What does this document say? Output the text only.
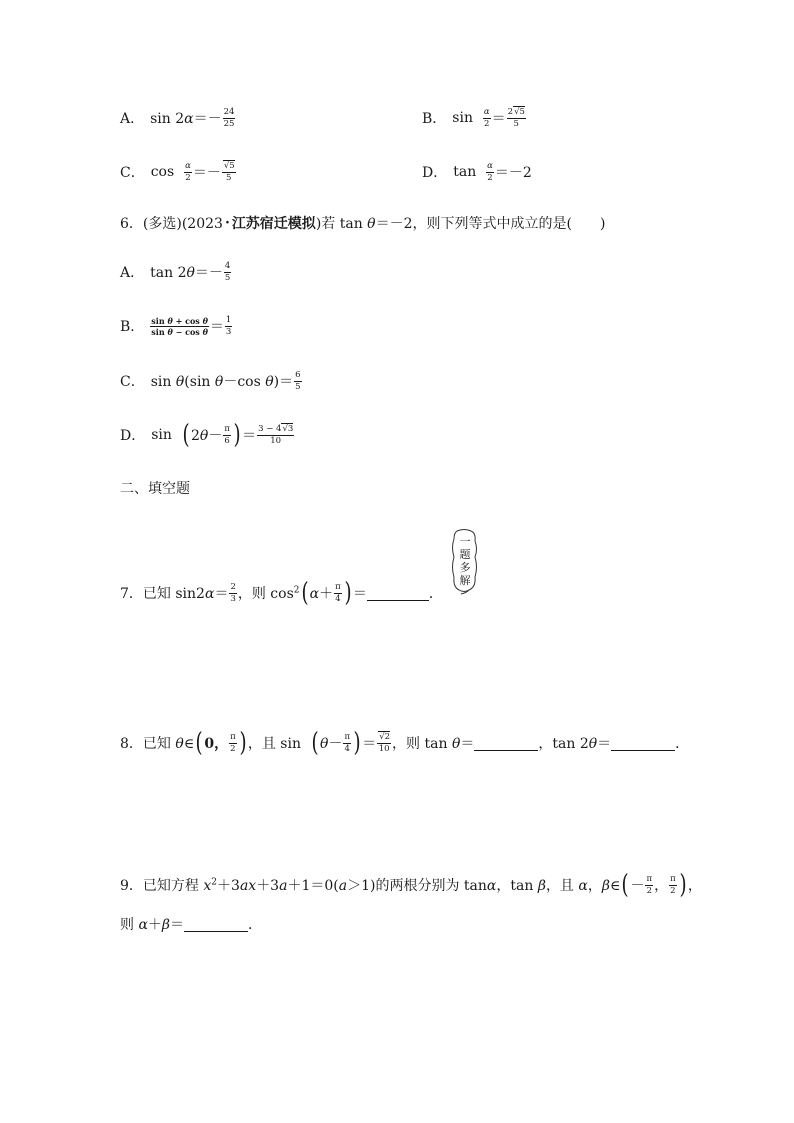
A． $\sin 2\alpha=- \frac{24}{25}$	B． $\sin \frac{\alpha}{2} = \frac{2√5}{5}$
C． $\cos \frac{\alpha}{2} =- \frac{√5}{5}$	D． $\tan \frac{\alpha}{2} =-2$
6． (多选)(2023 · 江苏宿迁模拟 )若 tan θ＝－2，则下列等式中成立的是(　　)
A． $\tan 2\theta=- \frac{4}{5}$
B． $\frac{\text{sin θ + cos θ}}{\text{sin θ − cos θ}} = \frac{1}{3}$
C． sin θ(sin θ－cos $\theta)= \frac{6}{5}$
D． sin ( $2\theta- \frac{\pi}{6}$ ) ＝ $\frac{3 - 4√3}{10}$
二、填空题
7． 已知 $\sin 2\alpha= \frac{2}{3}$ ，则 $\cos^2$ ( $\alpha+ \frac{\pi}{4}$ ) ＝	．
一题多解
8． 已知 θ∈ ( 0， $\frac{\pi}{2}$ ) ，且 sin ( $\theta- \frac{\pi}{4}$ ) ＝ $\frac{√2}{10}$ ，则 tan θ＝	，tan 2θ＝	．
9． 已知方程 $x^2+3ax+3a+1=0(a>1)$的两根分别为 tanα，tan β，且 α，β∈ ( － $\frac{\pi}{2}$ ， $\frac{\pi}{2}$ ) ，
则 α＋β＝	．
